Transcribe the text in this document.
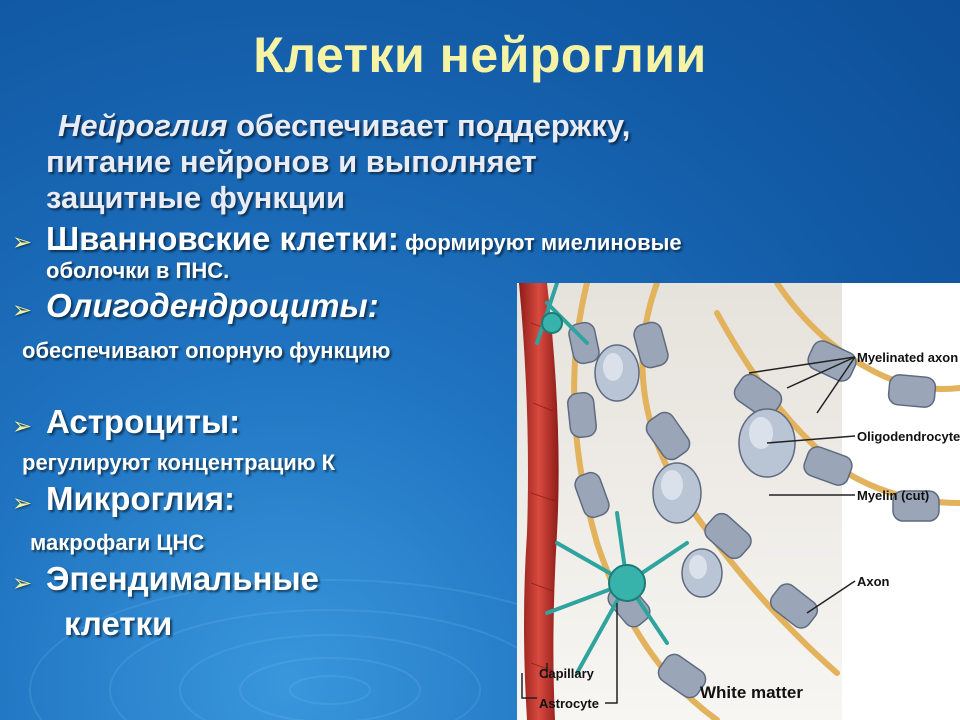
Клетки нейроглии
Нейроглия обеспечивает поддержку,
питание нейронов и выполняет
защитные функции
➢ Шванновские клетки: формируют миелиновые
оболочки в ПНС.
➢ Олигодендроциты:
обеспечивают опорную функцию
➢ Астроциты:
регулируют концентрацию К
➢ Микроглия:
макрофаги ЦНС
➢ Эпендимальные
клетки
Myelinated axon
Oligodendrocyte
Myelin (cut)
Axon
Capillary
Astrocyte
White matter
